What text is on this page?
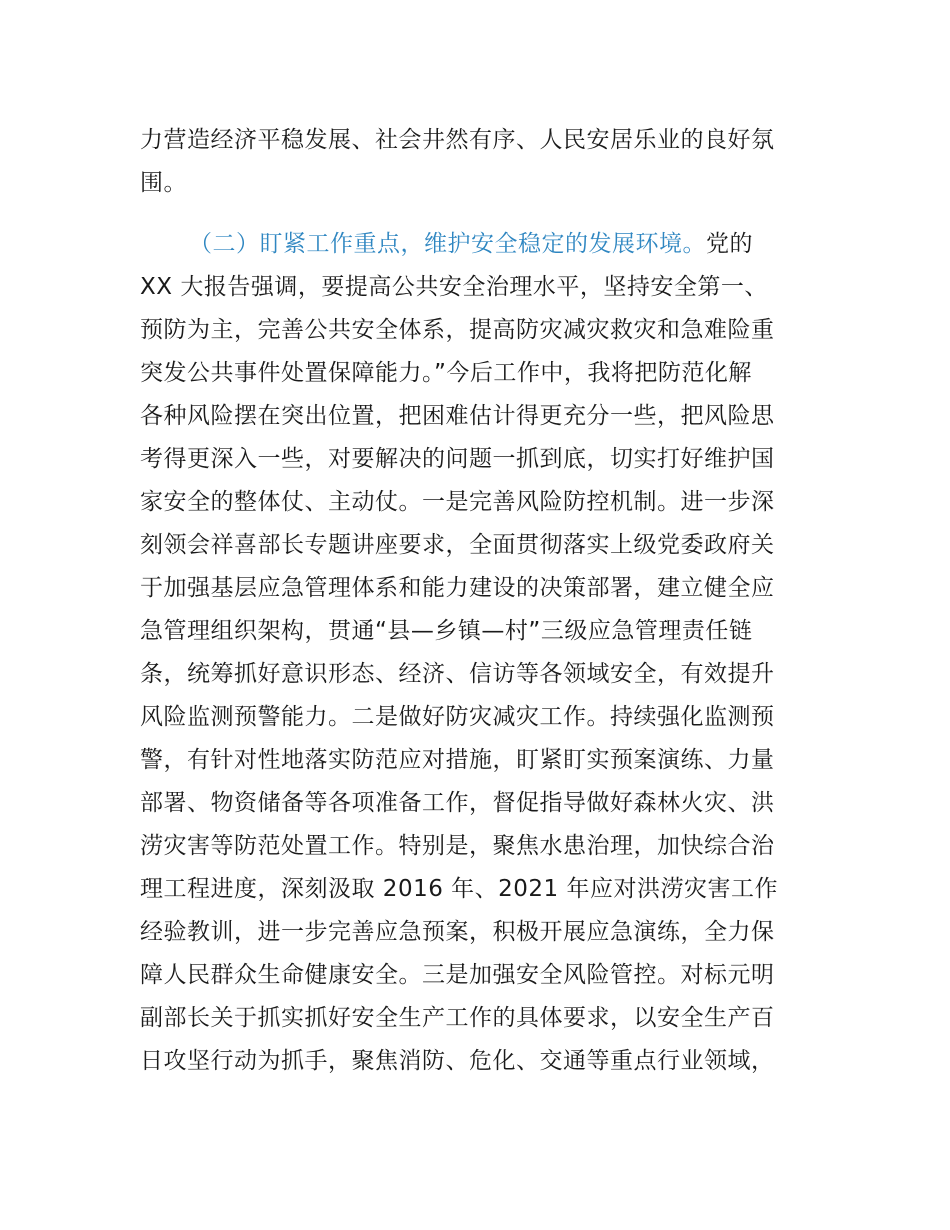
力营造经济平稳发展、社会井然有序、人民安居乐业的良好氛
围。
（二）盯紧工作重点，维护安全稳定的发展环境。党的
XX 大报告强调，要提高公共安全治理水平，坚持安全第一、
预防为主，完善公共安全体系，提高防灾减灾救灾和急难险重
突发公共事件处置保障能力。”今后工作中，我将把防范化解
各种风险摆在突出位置，把困难估计得更充分一些，把风险思
考得更深入一些，对要解决的问题一抓到底，切实打好维护国
家安全的整体仗、主动仗。一是完善风险防控机制。进一步深
刻领会祥喜部长专题讲座要求，全面贯彻落实上级党委政府关
于加强基层应急管理体系和能力建设的决策部署，建立健全应
急管理组织架构，贯通“县—乡镇—村”三级应急管理责任链
条，统筹抓好意识形态、经济、信访等各领域安全，有效提升
风险监测预警能力。二是做好防灾减灾工作。持续强化监测预
警，有针对性地落实防范应对措施，盯紧盯实预案演练、力量
部署、物资储备等各项准备工作，督促指导做好森林火灾、洪
涝灾害等防范处置工作。特别是，聚焦水患治理，加快综合治
理工程进度，深刻汲取 2016 年、2021 年应对洪涝灾害工作
经验教训，进一步完善应急预案，积极开展应急演练，全力保
障人民群众生命健康安全。三是加强安全风险管控。对标元明
副部长关于抓实抓好安全生产工作的具体要求，以安全生产百
日攻坚行动为抓手，聚焦消防、危化、交通等重点行业领域，
